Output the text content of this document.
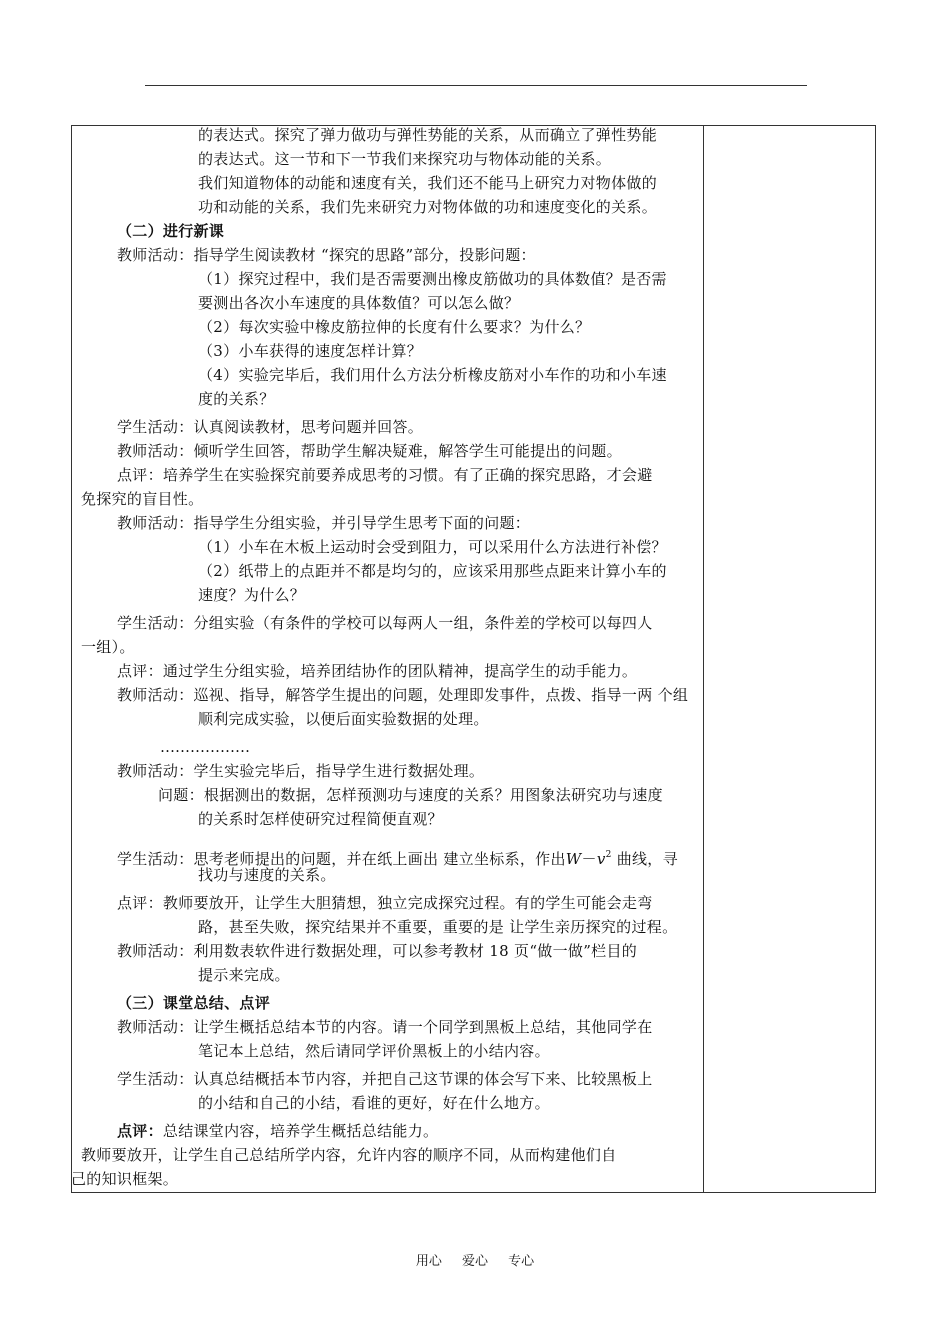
的表达式。探究了弹力做功与弹性势能的关系，从而确立了弹性势能
的表达式。这一节和下一节我们来探究功与物体动能的关系。
我们知道物体的动能和速度有关，我们还不能马上研究力对物体做的
功和动能的关系，我们先来研究力对物体做的功和速度变化的关系。
（二）进行新课
教师活动：指导学生阅读教材 “探究的思路”部分，投影问题：
（1）探究过程中，我们是否需要测出橡皮筋做功的具体数值？是否需
要测出各次小车速度的具体数值？可以怎么做？
（2）每次实验中橡皮筋拉伸的长度有什么要求？为什么？
（3）小车获得的速度怎样计算？
（4）实验完毕后，我们用什么方法分析橡皮筋对小车作的功和小车速
度的关系？
学生活动：认真阅读教材，思考问题并回答。
教师活动：倾听学生回答，帮助学生解决疑难，解答学生可能提出的问题。
点评：培养学生在实验探究前要养成思考的习惯。有了正确的探究思路，才会避
免探究的盲目性。
教师活动：指导学生分组实验，并引导学生思考下面的问题：
（1）小车在木板上运动时会受到阻力，可以采用什么方法进行补偿？
（2）纸带上的点距并不都是均匀的，应该采用那些点距来计算小车的
速度？为什么？
学生活动：分组实验（有条件的学校可以每两人一组，条件差的学校可以每四人
一组）。
点评：通过学生分组实验，培养团结协作的团队精神，提高学生的动手能力。
教师活动：巡视、指导，解答学生提出的问题，处理即发事件，点拨、指导一两 个组
顺利完成实验，以便后面实验数据的处理。
………………
教师活动：学生实验完毕后，指导学生进行数据处理。
问题：根据测出的数据，怎样预测功与速度的关系？用图象法研究功与速度
的关系时怎样使研究过程简便直观？
找功与速度的关系。
点评：教师要放开，让学生大胆猜想，独立完成探究过程。有的学生可能会走弯
路，甚至失败，探究结果并不重要，重要的是 让学生亲历探究的过程。
教师活动：利用数表软件进行数据处理，可以参考教材 18 页“做一做”栏目的
提示来完成。
（三）课堂总结、点评
教师活动：让学生概括总结本节的内容。请一个同学到黑板上总结，其他同学在
笔记本上总结，然后请同学评价黑板上的小结内容。
学生活动：认真总结概括本节内容，并把自己这节课的体会写下来、比较黑板上
的小结和自己的小结，看谁的更好，好在什么地方。
教师要放开，让学生自己总结所学内容，允许内容的顺序不同，从而构建他们自
己的知识框架。
学生活动：思考老师提出的问题，并在纸上画出 建立坐标系，作出$W-v^2$ 曲线，寻
点评：总结课堂内容，培养学生概括总结能力。
用心 爱心 专心
